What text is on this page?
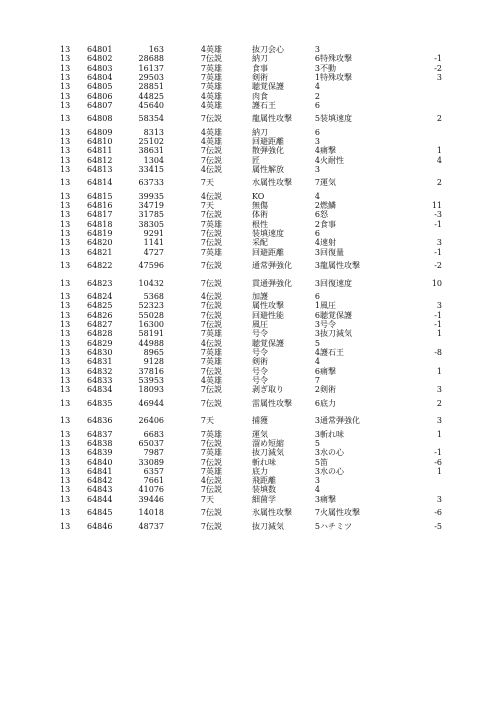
13	64801	163	4 英雄	抜刀会心	3
13	64802	28688	7 伝説	納刀	6 特殊攻撃	-1
13	64803	16137	7 英雄	食事	3 不動	-2
13	64804	29503	7 英雄	剣術	1 特殊攻撃	3
13	64805	28851	7 英雄	聴覚保護	4
13	64806	44825	4 英雄	肉食	2
13	64807	45640	4 英雄	護石王	6
13	64808	58354	7 伝説	龍属性攻撃	5 装填速度	2
13	64809	8313	4 英雄	納刀	6
13	64810	25102	4 英雄	回避距離	3
13	64811	38631	7 伝説	散弾強化	4 痛撃	1
13	64812	1304	7 伝説	匠	4 火耐性	4
13	64813	33415	4 伝説	属性解放	3
13	64814	63733	7 天	水属性攻撃	7 運気	2
13	64815	39935	4 伝説	KO	4
13	64816	34719	7 天	無傷	2 燃鱗	11
13	64817	31785	7 伝説	体術	6 怒	-3
13	64818	38305	7 英雄	根性	2 食事	-1
13	64819	9291	7 伝説	装填速度	6
13	64820	1141	7 伝説	采配	4 速射	3
13	64821	4727	7 英雄	回避距離	3 回復量	-1
13	64822	47596	7 伝説	通常弾強化	3 龍属性攻撃	-2
13	64823	10432	7 伝説	貫通弾強化	3 回復速度	10
13	64824	5368	4 伝説	加護	6
13	64825	52323	7 伝説	属性攻撃	1 風圧	3
13	64826	55028	7 伝説	回避性能	6 聴覚保護	-1
13	64827	16300	7 伝説	風圧	3 号令	-1
13	64828	58191	7 英雄	号令	3 抜刀減気	1
13	64829	44988	4 伝説	聴覚保護	5
13	64830	8965	7 英雄	号令	4 護石王	-8
13	64831	9128	7 英雄	剣術	4
13	64832	37816	7 伝説	号令	6 痛撃	1
13	64833	53953	4 英雄	号令	7
13	64834	18093	7 伝説	剥ぎ取り	2 剣術	3
13	64835	46944	7 伝説	雷属性攻撃	6 底力	2
13	64836	26406	7 天	捕獲	3 通常弾強化	3
13	64837	6683	7 英雄	運気	3 斬れ味	1
13	64838	65037	7 伝説	溜め短縮	5
13	64839	7987	7 英雄	抜刀減気	3 水の心	-1
13	64840	33089	7 伝説	斬れ味	5 笛	-6
13	64841	6357	7 英雄	底力	3 水の心	1
13	64842	7661	4 伝説	飛距離	3
13	64843	41076	7 伝説	装填数	4
13	64844	39446	7 天	細菌学	3 痛撃	3
13	64845	14018	7 伝説	氷属性攻撃	7 火属性攻撃	-6
13	64846	48737	7 伝説	抜刀減気	5 ハチミツ	-5
